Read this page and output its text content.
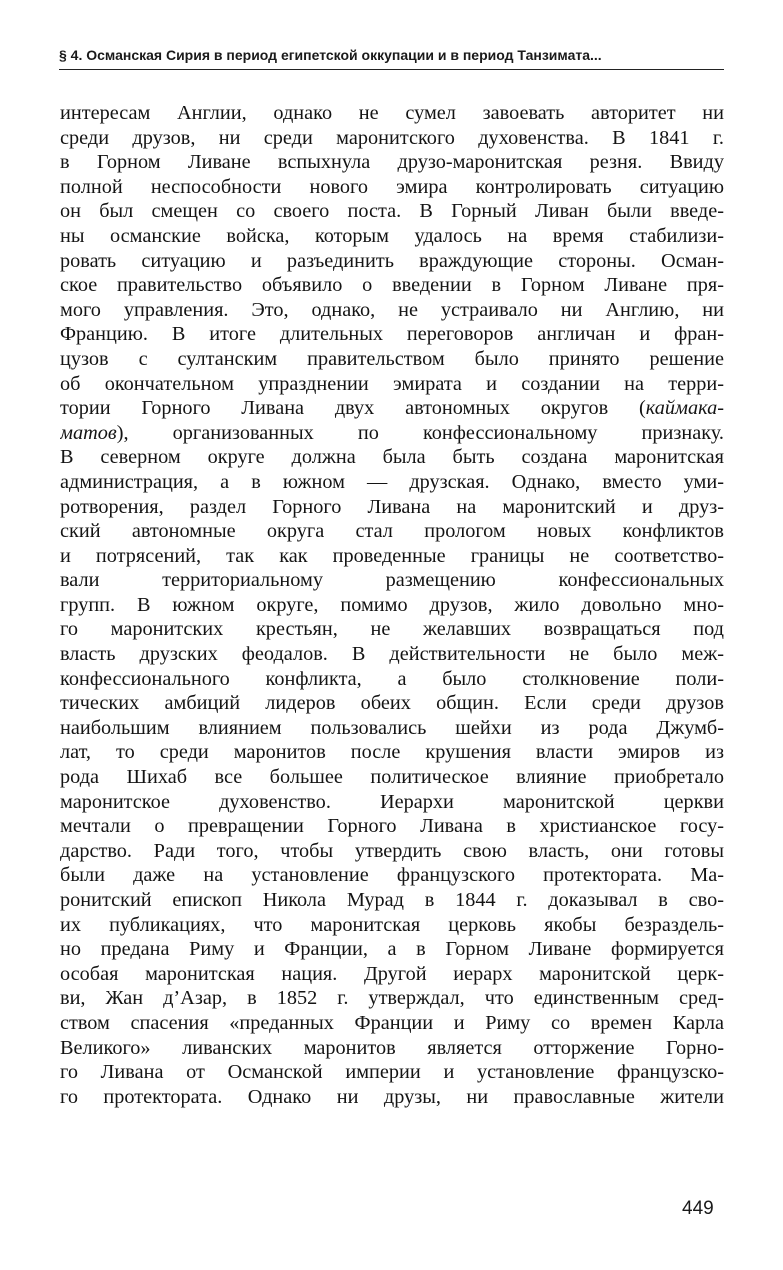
§ 4. Османская Сирия в период египетской оккупации и в период Танзимата...
интересам Англии, однако не сумел завоевать авторитет ни
среди друзов, ни среди маронитского духовенства. В 1841 г.
в Горном Ливане вспыхнула друзо-маронитская резня. Ввиду
полной неспособности нового эмира контролировать ситуацию
он был смещен со своего поста. В Горный Ливан были введе-
ны османские войска, которым удалось на время стабилизи-
ровать ситуацию и разъединить враждующие стороны. Осман-
ское правительство объявило о введении в Горном Ливане пря-
мого управления. Это, однако, не устраивало ни Англию, ни
Францию. В итоге длительных переговоров англичан и фран-
цузов с султанским правительством было принято решение
об окончательном упразднении эмирата и создании на терри-
тории Горного Ливана двух автономных округов (каймака-
матов), организованных по конфессиональному признаку.
В северном округе должна была быть создана маронитская
администрация, а в южном — друзская. Однако, вместо уми-
ротворения, раздел Горного Ливана на маронитский и друз-
ский автономные округа стал прологом новых конфликтов
и потрясений, так как проведенные границы не соответство-
вали территориальному размещению конфессиональных
групп. В южном округе, помимо друзов, жило довольно мно-
го маронитских крестьян, не желавших возвращаться под
власть друзских феодалов. В действительности не было меж-
конфессионального конфликта, а было столкновение поли-
тических амбиций лидеров обеих общин. Если среди друзов
наибольшим влиянием пользовались шейхи из рода Джумб-
лат, то среди маронитов после крушения власти эмиров из
рода Шихаб все большее политическое влияние приобретало
маронитское духовенство. Иерархи маронитской церкви
мечтали о превращении Горного Ливана в христианское госу-
дарство. Ради того, чтобы утвердить свою власть, они готовы
были даже на установление французского протектората. Ма-
ронитский епископ Никола Мурад в 1844 г. доказывал в сво-
их публикациях, что маронитская церковь якобы безраздель-
но предана Риму и Франции, а в Горном Ливане формируется
особая маронитская нация. Другой иерарх маронитской церк-
ви, Жан д’Азар, в 1852 г. утверждал, что единственным сред-
ством спасения «преданных Франции и Риму со времен Карла
Великого» ливанских маронитов является отторжение Горно-
го Ливана от Османской империи и установление французско-
го протектората. Однако ни друзы, ни православные жители
449
